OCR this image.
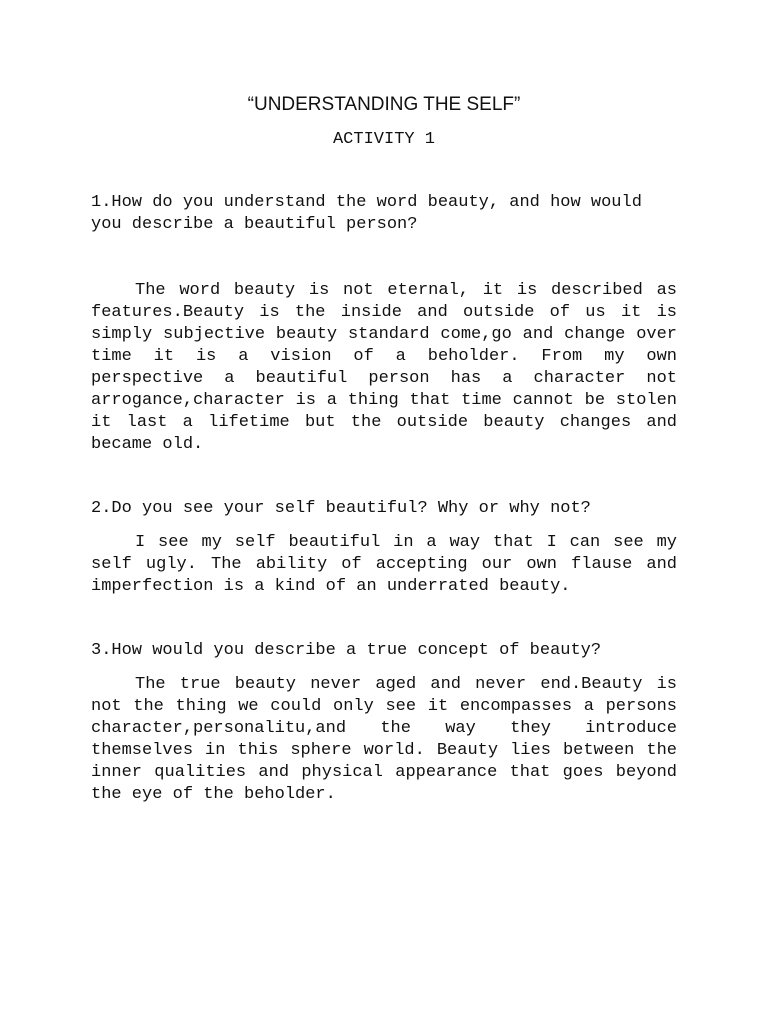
“UNDERSTANDING THE SELF”
ACTIVITY 1

1.How do you understand the word beauty, and how would you describe a beautiful person?

The word beauty is not eternal, it is described as features.Beauty is the inside and outside of us it is simply subjective beauty standard come,go and change over time it is a vision of a beholder. From my own perspective a beautiful person has a character not arrogance,character is a thing that time cannot be stolen it last a lifetime but the outside beauty changes and became old.

2.Do you see your self beautiful? Why or why not?

I see my self beautiful in a way that I can see my self ugly. The ability of accepting our own flause and imperfection is a kind of an underrated beauty.

3.How would you describe a true concept of beauty?

The true beauty never aged and never end.Beauty is not the thing we could only see it encompasses a persons character,personalitu,and the way they introduce themselves in this sphere world. Beauty lies between the inner qualities and physical appearance that goes beyond the eye of the beholder.
